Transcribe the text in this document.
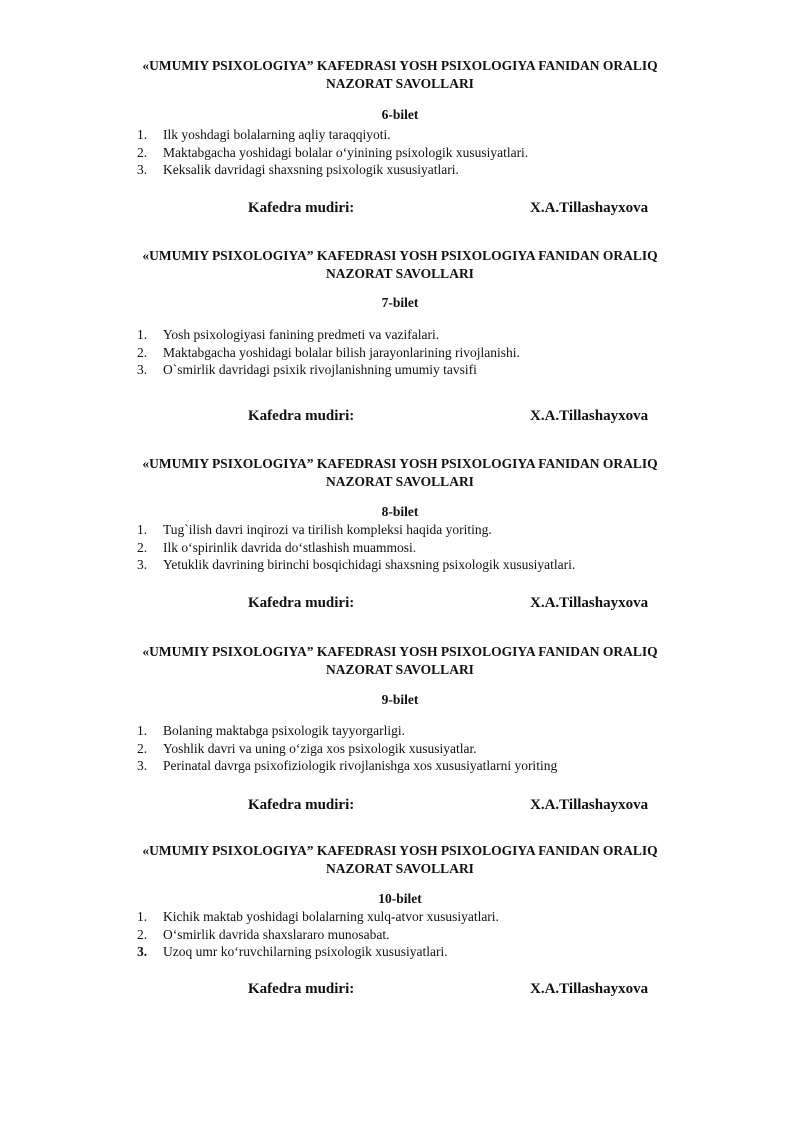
«UMUMIY PSIXOLOGIYA” KAFEDRASI YOSH PSIXOLOGIYA FANIDAN ORALIQ
NAZORAT SAVOLLARI

6-bilet

1. Ilk yoshdagi bolalarning aqliy taraqqiyoti.
2. Maktabgacha yoshidagi bolalar o‘yinining psixologik xususiyatlari.
3. Keksalik davridagi shaxsning psixologik xususiyatlari.
Kafedra mudiri:	X.A.Tillashayxova

«UMUMIY PSIXOLOGIYA” KAFEDRASI YOSH PSIXOLOGIYA FANIDAN ORALIQ
NAZORAT SAVOLLARI

7-bilet

1. Yosh psixologiyasi fanining predmeti va vazifalari.
2. Maktabgacha yoshidagi bolalar bilish jarayonlarining rivojlanishi.
3. O`smirlik davridagi psixik rivojlanishning umumiy tavsifi
Kafedra mudiri:	X.A.Tillashayxova

«UMUMIY PSIXOLOGIYA” KAFEDRASI YOSH PSIXOLOGIYA FANIDAN ORALIQ
NAZORAT SAVOLLARI

8-bilet

1. Tug`ilish davri inqirozi va tirilish kompleksi haqida yoriting.
2. Ilk o‘spirinlik davrida do‘stlashish muammosi.
3. Yetuklik davrining birinchi bosqichidagi shaxsning psixologik xususiyatlari.
Kafedra mudiri:	X.A.Tillashayxova

«UMUMIY PSIXOLOGIYA” KAFEDRASI YOSH PSIXOLOGIYA FANIDAN ORALIQ
NAZORAT SAVOLLARI

9-bilet

1. Bolaning maktabga psixologik tayyorgarligi.
2. Yoshlik davri va uning o‘ziga xos psixologik xususiyatlar.
3. Perinatal davrga psixofiziologik rivojlanishga xos xususiyatlarni yoriting
Kafedra mudiri:	X.A.Tillashayxova

«UMUMIY PSIXOLOGIYA” KAFEDRASI YOSH PSIXOLOGIYA FANIDAN ORALIQ
NAZORAT SAVOLLARI

10-bilet

1. Kichik maktab yoshidagi bolalarning xulq-atvor xususiyatlari.
2. O‘smirlik davrida shaxslararo munosabat.
3. Uzoq umr ko‘ruvchilarning psixologik xususiyatlari.
Kafedra mudiri:	X.A.Tillashayxova
